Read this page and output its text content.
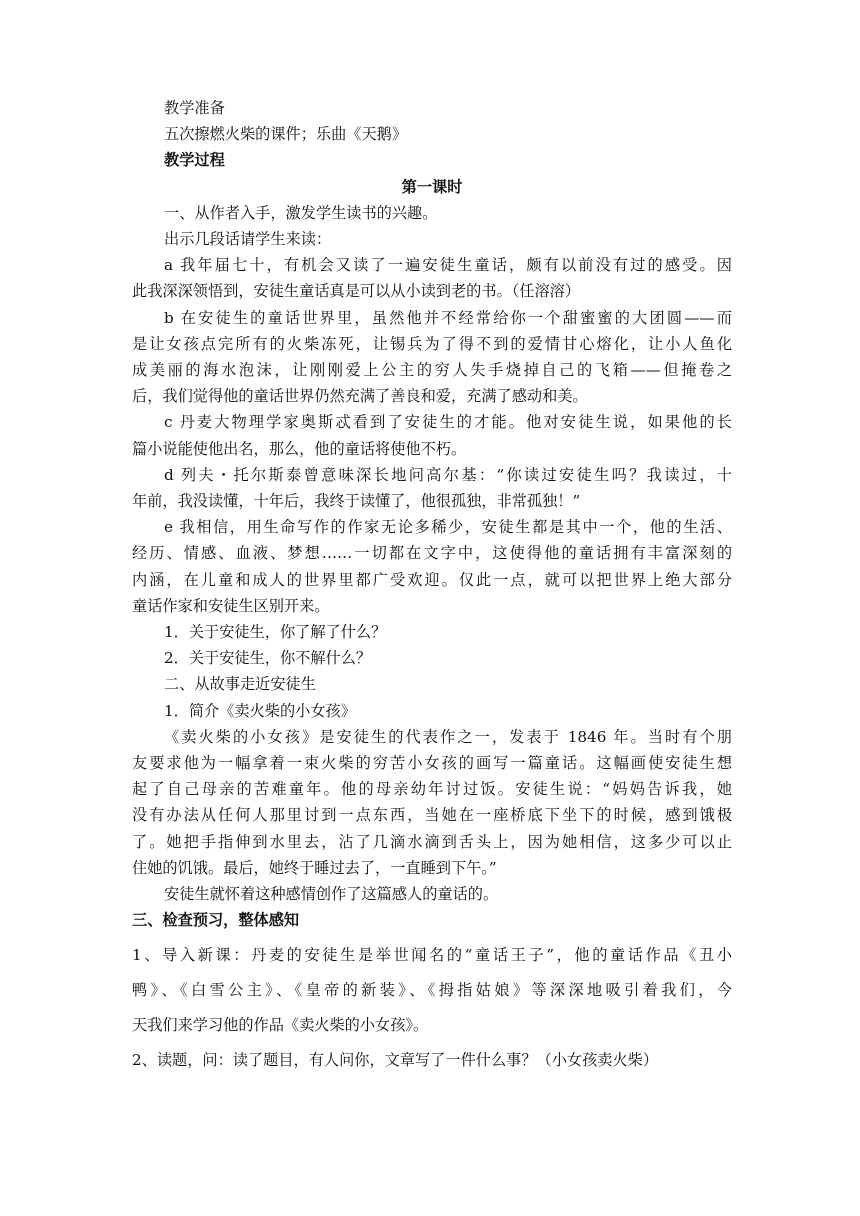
教学准备

五次擦燃火柴的课件；乐曲《天鹅》

教学过程

第一课时

一、从作者入手，激发学生读书的兴趣。

出示几段话请学生来读：

a 我年届七十，有机会又读了一遍安徒生童话，颇有以前没有过的感受。因

此我深深领悟到，安徒生童话真是可以从小读到老的书。（任溶溶）

b 在安徒生的童话世界里，虽然他并不经常给你一个甜蜜蜜的大团圆——而

是让女孩点完所有的火柴冻死，让锡兵为了得不到的爱情甘心熔化，让小人鱼化

成美丽的海水泡沫，让刚刚爱上公主的穷人失手烧掉自己的飞箱——但掩卷之

后，我们觉得他的童话世界仍然充满了善良和爱，充满了感动和美。

c 丹麦大物理学家奥斯忒看到了安徒生的才能。他对安徒生说，如果他的长

篇小说能使他出名，那么，他的童话将使他不朽。

d 列夫・托尔斯泰曾意味深长地问高尔基：“你读过安徒生吗？我读过，十

年前，我没读懂，十年后，我终于读懂了，他很孤独，非常孤独！”

e 我相信，用生命写作的作家无论多稀少，安徒生都是其中一个，他的生活、

经历、情感、血液、梦想……一切都在文字中，这使得他的童话拥有丰富深刻的

内涵，在儿童和成人的世界里都广受欢迎。仅此一点，就可以把世界上绝大部分

童话作家和安徒生区别开来。

1．关于安徒生，你了解了什么？

2．关于安徒生，你不解什么？

二、从故事走近安徒生

1．简介《卖火柴的小女孩》

《卖火柴的小女孩》是安徒生的代表作之一，发表于 1846 年。当时有个朋

友要求他为一幅拿着一束火柴的穷苦小女孩的画写一篇童话。这幅画使安徒生想

起了自己母亲的苦难童年。他的母亲幼年讨过饭。安徒生说：“妈妈告诉我，她

没有办法从任何人那里讨到一点东西，当她在一座桥底下坐下的时候，感到饿极

了。她把手指伸到水里去，沾了几滴水滴到舌头上，因为她相信，这多少可以止

住她的饥饿。最后，她终于睡过去了，一直睡到下午。”

安徒生就怀着这种感情创作了这篇感人的童话的。

三、检查预习，整体感知

1、导入新课：丹麦的安徒生是举世闻名的“童话王子”，他的童话作品《丑小

鸭》、《白雪公主》、《皇帝的新装》、《拇指姑娘》等深深地吸引着我们，今

天我们来学习他的作品《卖火柴的小女孩》。

2、读题，问：读了题目，有人问你，文章写了一件什么事？（小女孩卖火柴）
